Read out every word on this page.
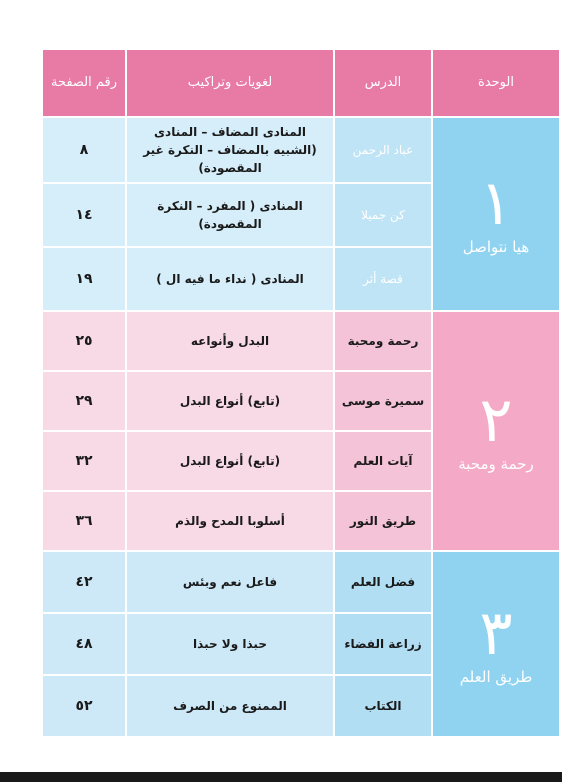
الوحدة	الدرس	لغويات وتراكيب	رقم الصفحة

١
هيا نتواصل	عباد الرحمن	المنادى المضاف – المنادى (الشبيه بالمضاف – النكرة غير المقصودة)	٨
	كن جميلا	المنادى ( المفرد – النكرة المقصودة)	١٤
	قصة أثر	المنادى ( نداء ما فيه ال )	١٩

٢
رحمة ومحبة	رحمة ومحبة	البدل وأنواعه	٢٥
	سميرة موسى	(تابع) أنواع البدل	٢٩
	آيات العلم	(تابع) أنواع البدل	٣٢
	طريق النور	أسلوبا المدح والذم	٣٦

٣
طريق العلم	فضل العلم	فاعل نعم وبئس	٤٢
	زراعة الفضاء	حبذا ولا حبذا	٤٨
	الكتاب	الممنوع من الصرف	٥٢
